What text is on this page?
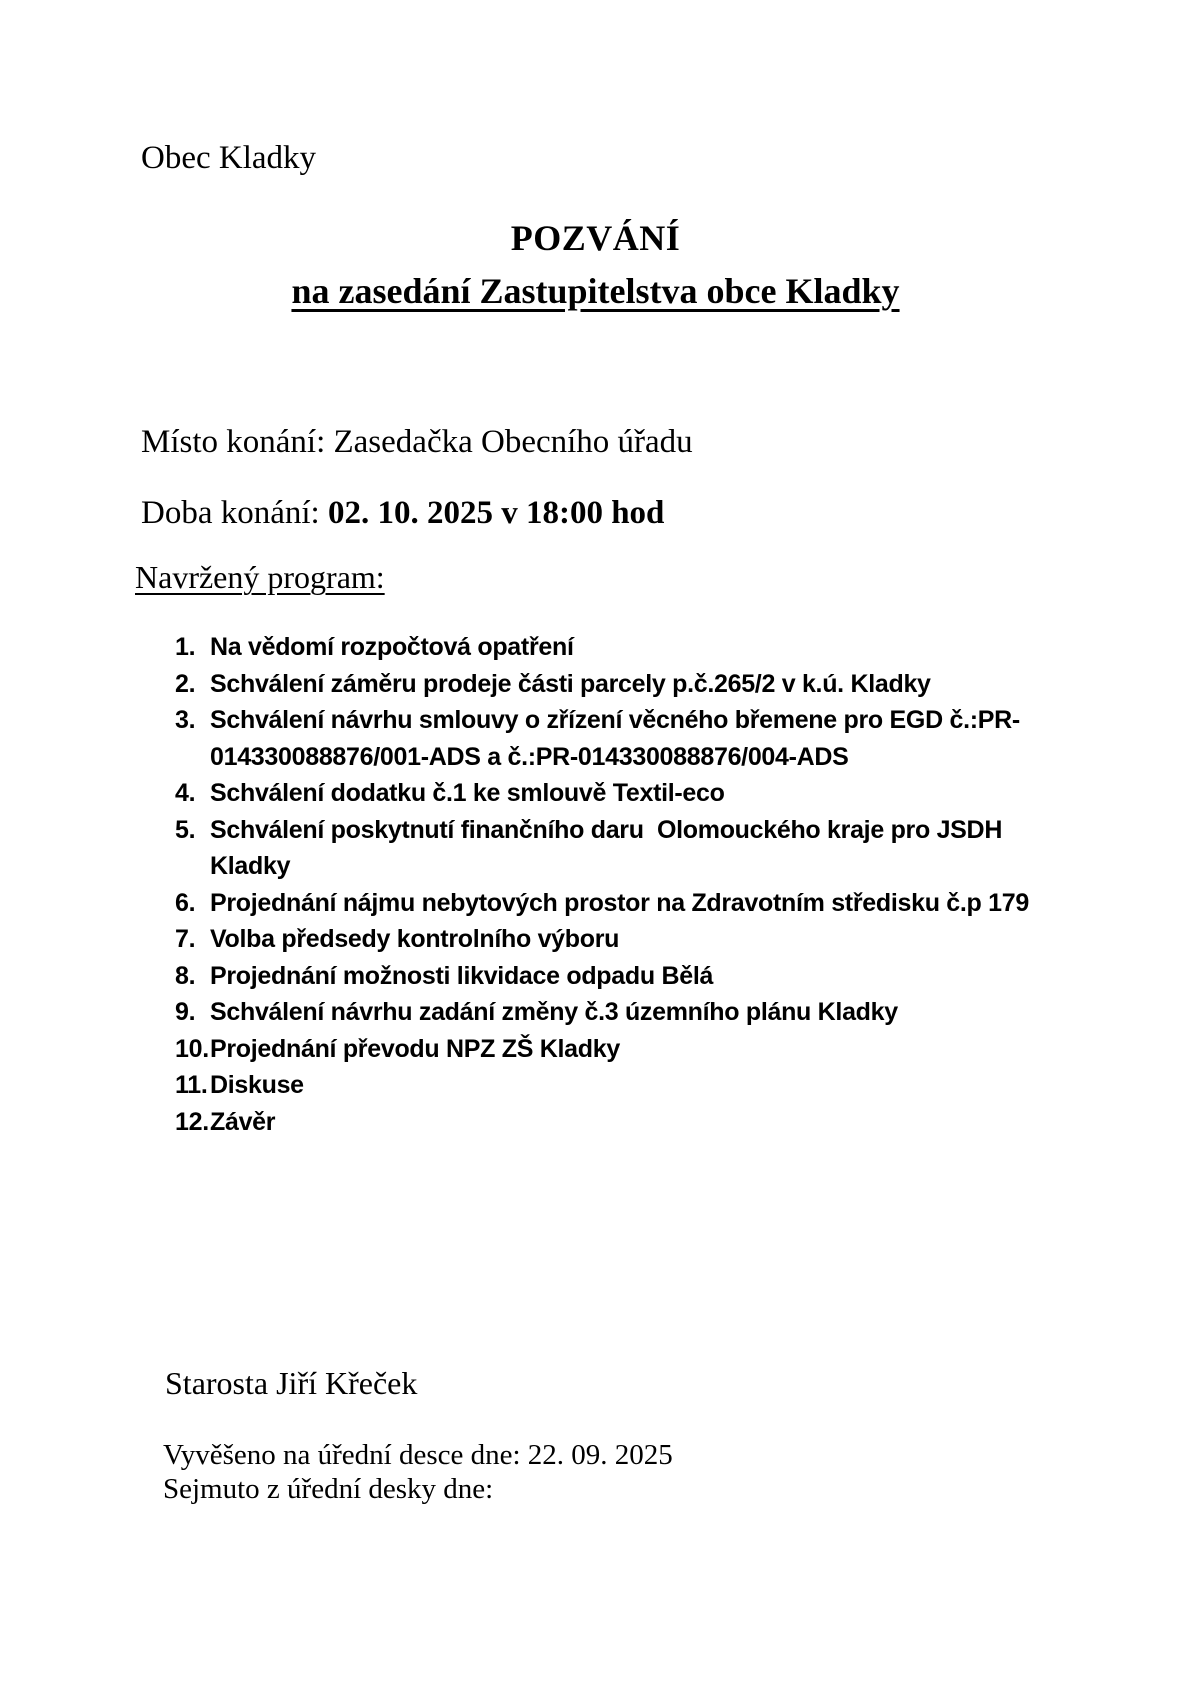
Obec Kladky
POZVÁNÍ
na zasedání Zastupitelstva obce Kladky
Místo konání: Zasedačka Obecního úřadu
Doba konání: 02. 10. 2025 v 18:00 hod
Navržený program:
1. Na vědomí rozpočtová opatření
2. Schválení záměru prodeje části parcely p.č.265/2 v k.ú. Kladky
3. Schválení návrhu smlouvy o zřízení věcného břemene pro EGD č.:PR-014330088876/001-ADS a č.:PR-014330088876/004-ADS
4. Schválení dodatku č.1 ke smlouvě Textil-eco
5. Schválení poskytnutí finančního daru  Olomouckého kraje pro JSDH Kladky
6. Projednání nájmu nebytových prostor na Zdravotním středisku č.p 179
7. Volba předsedy kontrolního výboru
8. Projednání možnosti likvidace odpadu Bělá
9. Schválení návrhu zadání změny č.3 územního plánu Kladky
10. Projednání převodu NPZ ZŠ Kladky
11. Diskuse
12. Závěr
Starosta Jiří Křeček
Vyvěšeno na úřední desce dne: 22. 09. 2025
Sejmuto z úřední desky dne:
